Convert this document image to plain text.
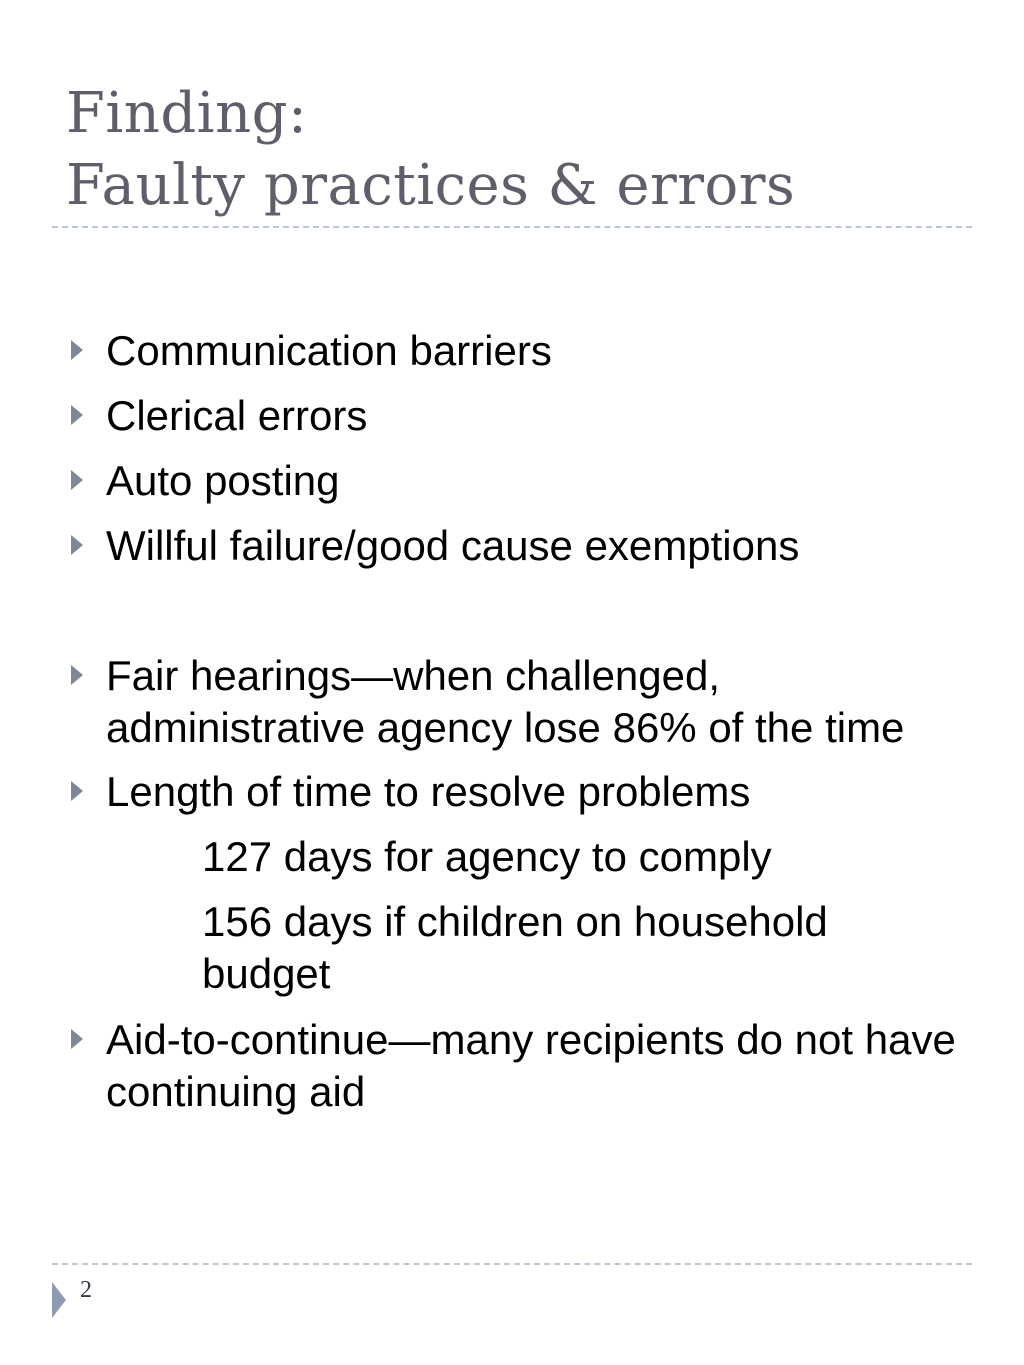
Finding:
Faulty practices & errors
Communication barriers
Clerical errors
Auto posting
Willful failure/good cause exemptions
Fair hearings—when challenged, administrative agency lose 86% of the time
Length of time to resolve problems
127 days for agency to comply
156 days if children on household budget
Aid-to-continue—many recipients do not have continuing aid
2
